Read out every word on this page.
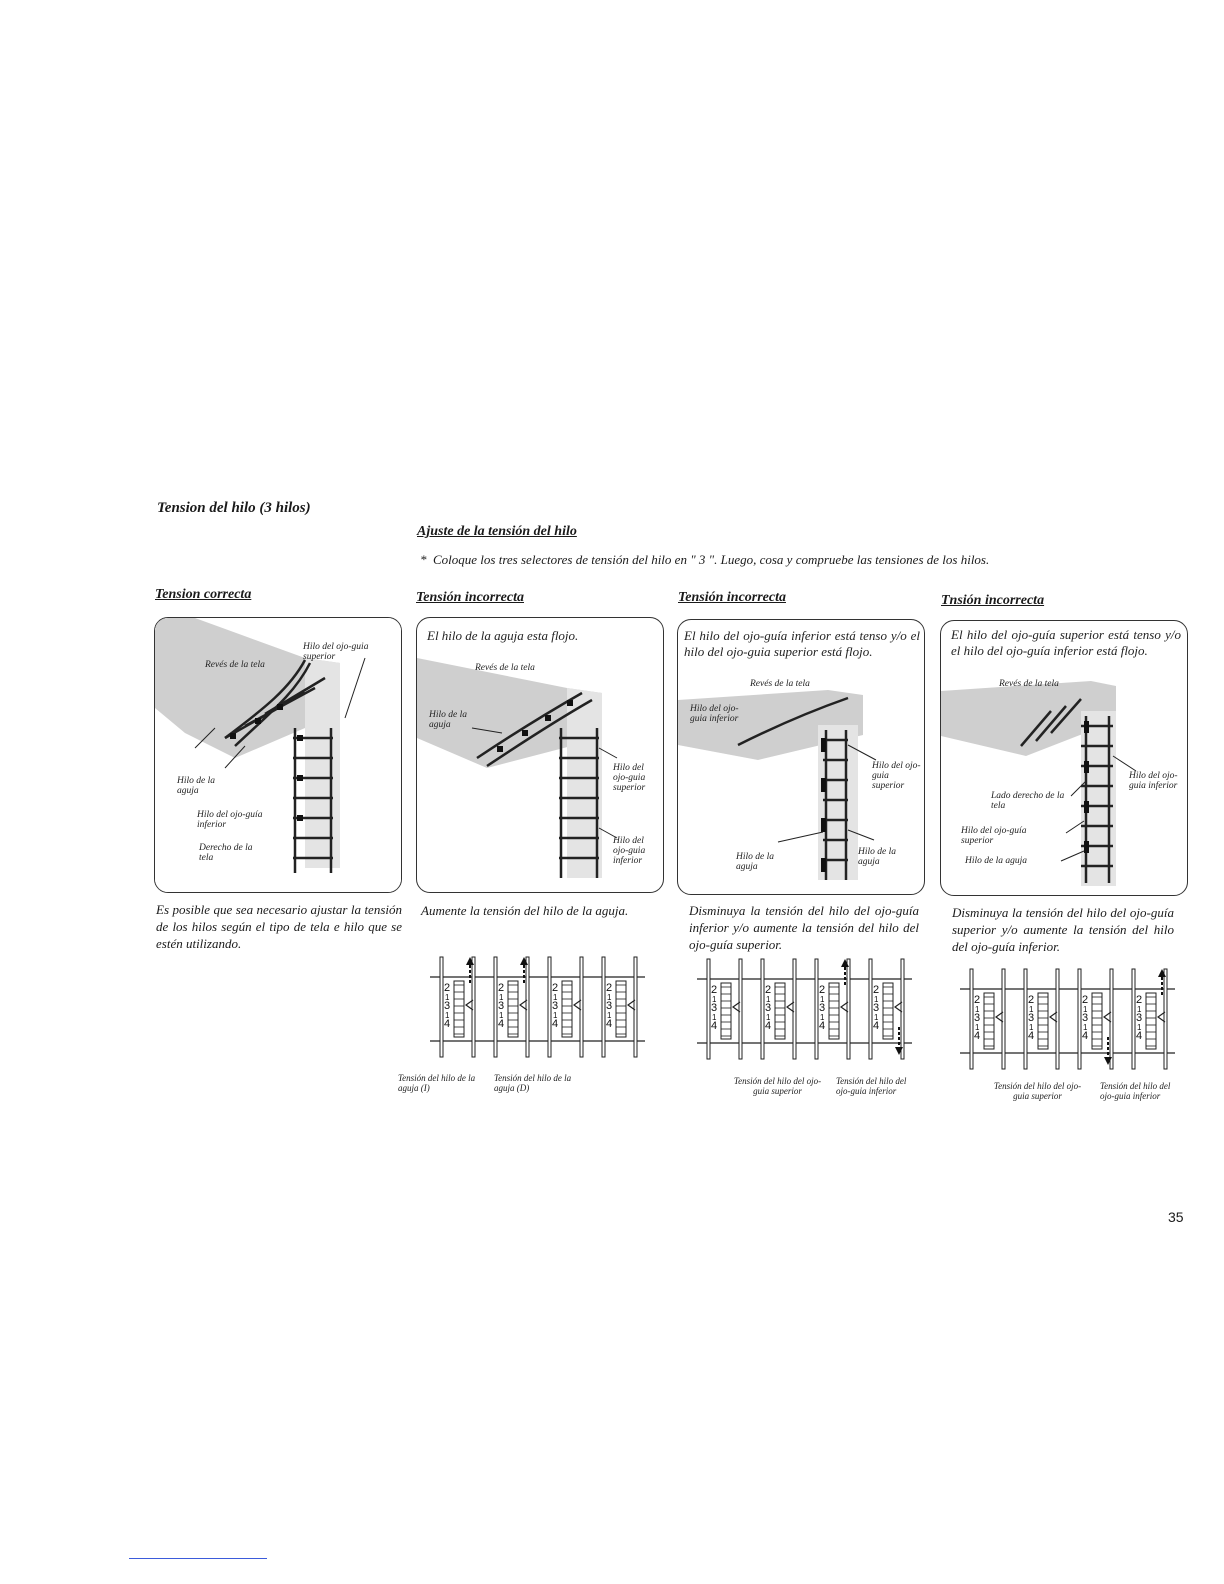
Tension del hilo (3 hilos)
Ajuste de la tensión del hilo
* Coloque los tres selectores de tensión del hilo en " 3 ". Luego, cosa y compruebe las tensiones de los hilos.
Tension correcta	Tensión incorrecta	Tensión incorrecta	Tnsión incorrecta
Hilo del ojo-guia superior
Revés de la tela
Hilo de la aguja
Hilo del ojo-guía inferior
Derecho de la tela
El hilo de la aguja esta flojo.
Revés de la tela
Hilo de la aguja
Hilo del ojo-guia superior
Hilo del ojo-guia inferior
El hilo del ojo-guía inferior está tenso y/o el hilo del ojo-guia superior está flojo.
Revés de la tela
Hilo del ojo-guia inferior
Hilo del ojo-guia superior
Hilo de la aguja
Hilo de la aguja
El hilo del ojo-guía superior está tenso y/o el hilo del ojo-guía inferior está flojo.
Revés de la tela
Hilo del ojo-guia inferior
Lado derecho de la tela
Hilo del ojo-guía superior
Hilo de la aguja
Es posible que sea necesario ajustar la tensión de los hilos según el tipo de tela e hilo que se estén utilizando.
Aumente la tensión del hilo de la aguja.	Disminuya la tensión del hilo del ojo-guía inferior y/o aumente la tensión del hilo del ojo-guía superior.
Disminuya la tensión del hilo del ojo-guía superior y/o aumente la tensión del hilo del ojo-guía inferior.
2
1
3
1
4
2
1
3
1
4
2
1
3
1
4
2
1
3
1
4
2
1
3
1
4
2
1
3
1
4
2
1
3
1
4
2
1
3
1
4
2
1
3
1
4
2
1
3
1
4
2
1
3
1
4
2
1
3
1
4
Tensión del hilo de la aguja (I)
Tensión del hilo de la aguja (D)
Tensión del hilo del ojo-guia superior
Tensión del hilo del ojo-guia inferior	Tensión del hilo del ojo-guia superior
Tensión del hilo del ojo-guia inferior
35
